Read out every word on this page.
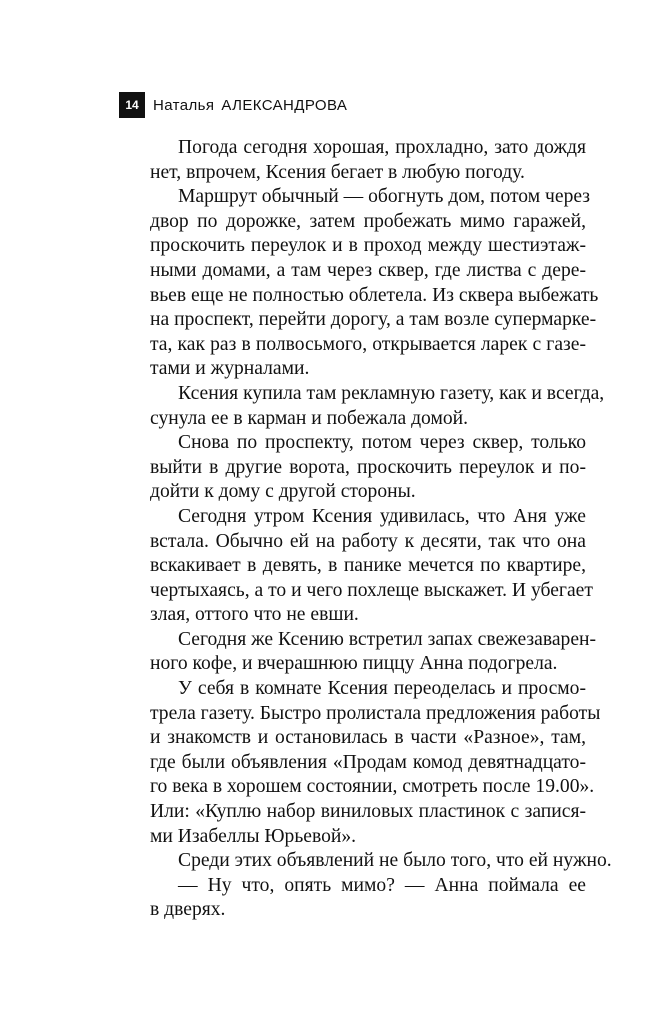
14 Наталья АЛЕКСАНДРОВА
Погода сегодня хорошая, прохладно, зато дождя
нет, впрочем, Ксения бегает в любую погоду.
Маршрут обычный — обогнуть дом, потом через
двор по дорожке, затем пробежать мимо гаражей,
проскочить переулок и в проход между шестиэтаж-
ными домами, а там через сквер, где листва с дере-
вьев еще не полностью облетела. Из сквера выбежать
на проспект, перейти дорогу, а там возле супермарке-
та, как раз в полвосьмого, открывается ларек с газе-
тами и журналами.
Ксения купила там рекламную газету, как и всегда,
сунула ее в карман и побежала домой.
Снова по проспекту, потом через сквер, только
выйти в другие ворота, проскочить переулок и по-
дойти к дому с другой стороны.
Сегодня утром Ксения удивилась, что Аня уже
встала. Обычно ей на работу к десяти, так что она
вскакивает в девять, в панике мечется по квартире,
чертыхаясь, а то и чего похлеще выскажет. И убегает
злая, оттого что не евши.
Сегодня же Ксению встретил запах свежезаварен-
ного кофе, и вчерашнюю пиццу Анна подогрела.
У себя в комнате Ксения переоделась и просмо-
трела газету. Быстро пролистала предложения работы
и знакомств и остановилась в части «Разное», там,
где были объявления «Продам комод девятнадцато-
го века в хорошем состоянии, смотреть после 19.00».
Или: «Куплю набор виниловых пластинок с запися-
ми Изабеллы Юрьевой».
Среди этих объявлений не было того, что ей нужно.
— Ну что, опять мимо? — Анна поймала ее
в дверях.
